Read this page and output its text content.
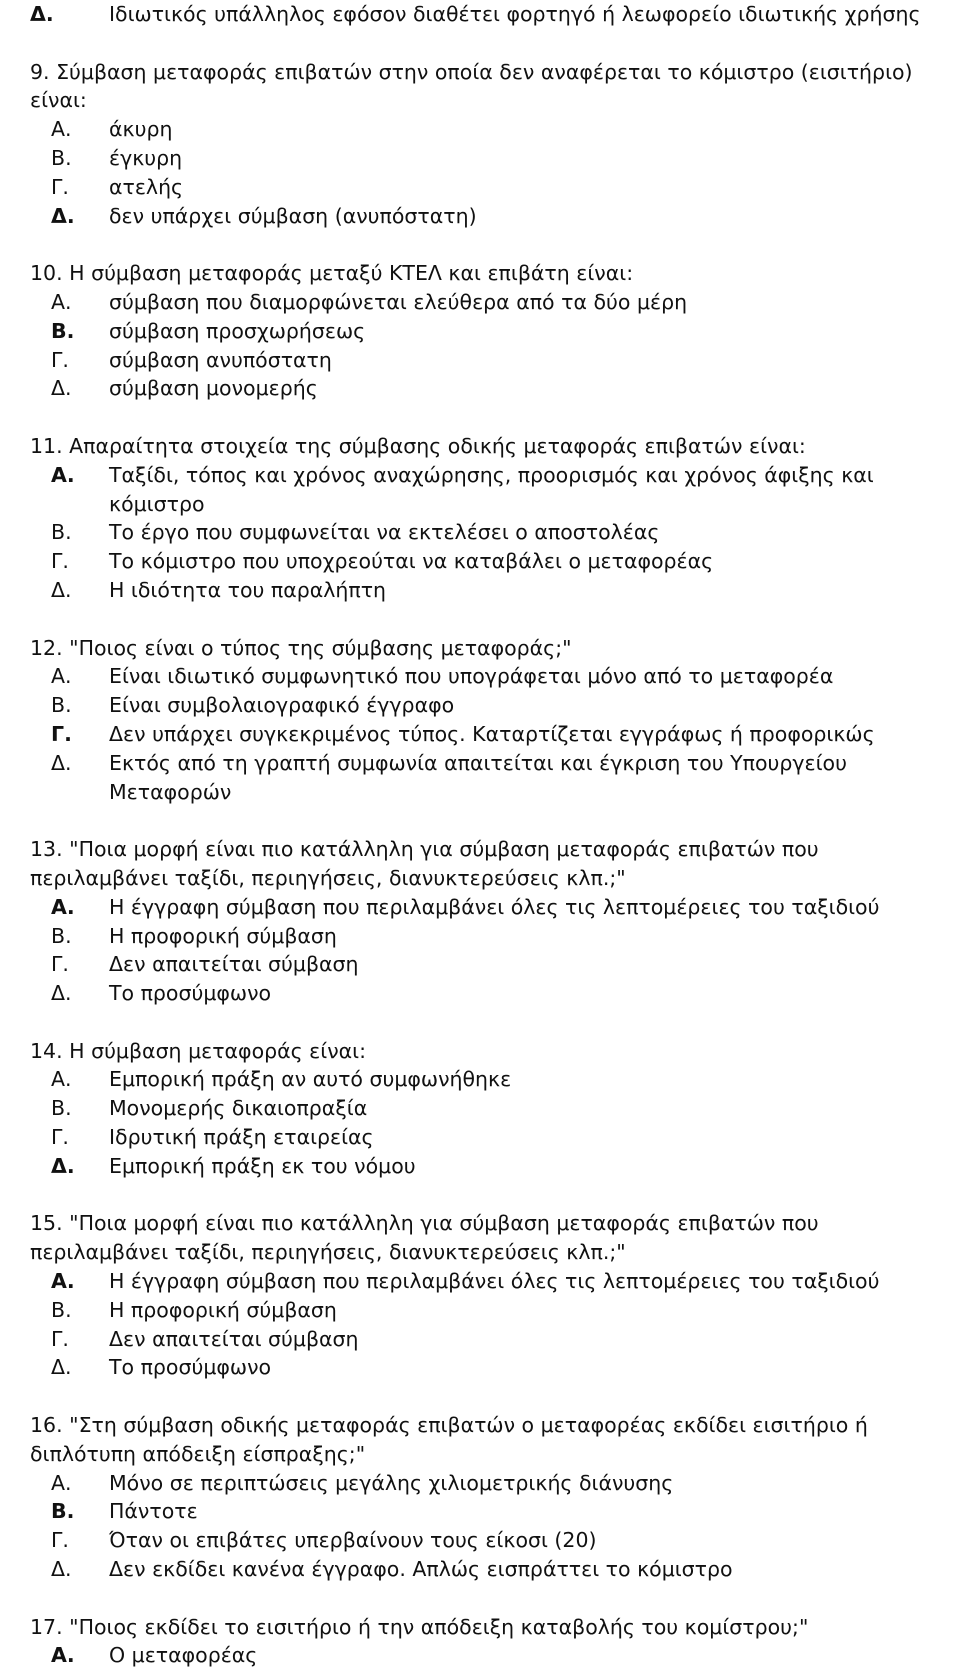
Δ.	Ιδιωτικός υπάλληλος εφόσον διαθέτει φορτηγό ή λεωφορείο ιδιωτικής χρήσης
9. Σύμβαση μεταφοράς επιβατών στην οποία δεν αναφέρεται το κόμιστρο (εισιτήριο) είναι:
Α.	άκυρη
Β.	έγκυρη
Γ.	ατελής
Δ.	δεν υπάρχει σύμβαση (ανυπόστατη)
10. Η σύμβαση μεταφοράς μεταξύ ΚΤΕΛ και επιβάτη είναι:
Α.	σύμβαση που διαμορφώνεται ελεύθερα από τα δύο μέρη
Β.	σύμβαση προσχωρήσεως
Γ.	σύμβαση ανυπόστατη
Δ.	σύμβαση μονομερής
11. Απαραίτητα στοιχεία της σύμβασης οδικής μεταφοράς επιβατών είναι:
Α.	Ταξίδι, τόπος και χρόνος αναχώρησης, προορισμός και χρόνος άφιξης και κόμιστρο
Β.	Το έργο που συμφωνείται να εκτελέσει ο αποστολέας
Γ.	Το κόμιστρο που υποχρεούται να καταβάλει ο μεταφορέας
Δ.	Η ιδιότητα του παραλήπτη
12. "Ποιος είναι ο τύπος της σύμβασης μεταφοράς;"
Α.	Είναι ιδιωτικό συμφωνητικό που υπογράφεται μόνο από το μεταφορέα
Β.	Είναι συμβολαιογραφικό έγγραφο
Γ.	Δεν υπάρχει συγκεκριμένος τύπος. Καταρτίζεται εγγράφως ή προφορικώς
Δ.	Εκτός από τη γραπτή συμφωνία απαιτείται και έγκριση του Υπουργείου Μεταφορών
13. "Ποια μορφή είναι πιο κατάλληλη για σύμβαση μεταφοράς επιβατών που περιλαμβάνει ταξίδι, περιηγήσεις, διανυκτερεύσεις κλπ.;"
Α.	Η έγγραφη σύμβαση που περιλαμβάνει όλες τις λεπτομέρειες του ταξιδιού
Β.	Η προφορική σύμβαση
Γ.	Δεν απαιτείται σύμβαση
Δ.	Το προσύμφωνο
14. Η σύμβαση μεταφοράς είναι:
Α.	Εμπορική πράξη αν αυτό συμφωνήθηκε
Β.	Μονομερής δικαιοπραξία
Γ.	Ιδρυτική πράξη εταιρείας
Δ.	Εμπορική πράξη εκ του νόμου
15. "Ποια μορφή είναι πιο κατάλληλη για σύμβαση μεταφοράς επιβατών που περιλαμβάνει ταξίδι, περιηγήσεις, διανυκτερεύσεις κλπ.;"
Α.	Η έγγραφη σύμβαση που περιλαμβάνει όλες τις λεπτομέρειες του ταξιδιού
Β.	Η προφορική σύμβαση
Γ.	Δεν απαιτείται σύμβαση
Δ.	Το προσύμφωνο
16. "Στη σύμβαση οδικής μεταφοράς επιβατών ο μεταφορέας εκδίδει εισιτήριο ή διπλότυπη απόδειξη είσπραξης;"
Α.	Μόνο σε περιπτώσεις μεγάλης χιλιομετρικής διάνυσης
Β.	Πάντοτε
Γ.	Όταν οι επιβάτες υπερβαίνουν τους είκοσι (20)
Δ.	Δεν εκδίδει κανένα έγγραφο. Απλώς εισπράττει το κόμιστρο
17. "Ποιος εκδίδει το εισιτήριο ή την απόδειξη καταβολής του κομίστρου;"
Α.	Ο μεταφορέας
